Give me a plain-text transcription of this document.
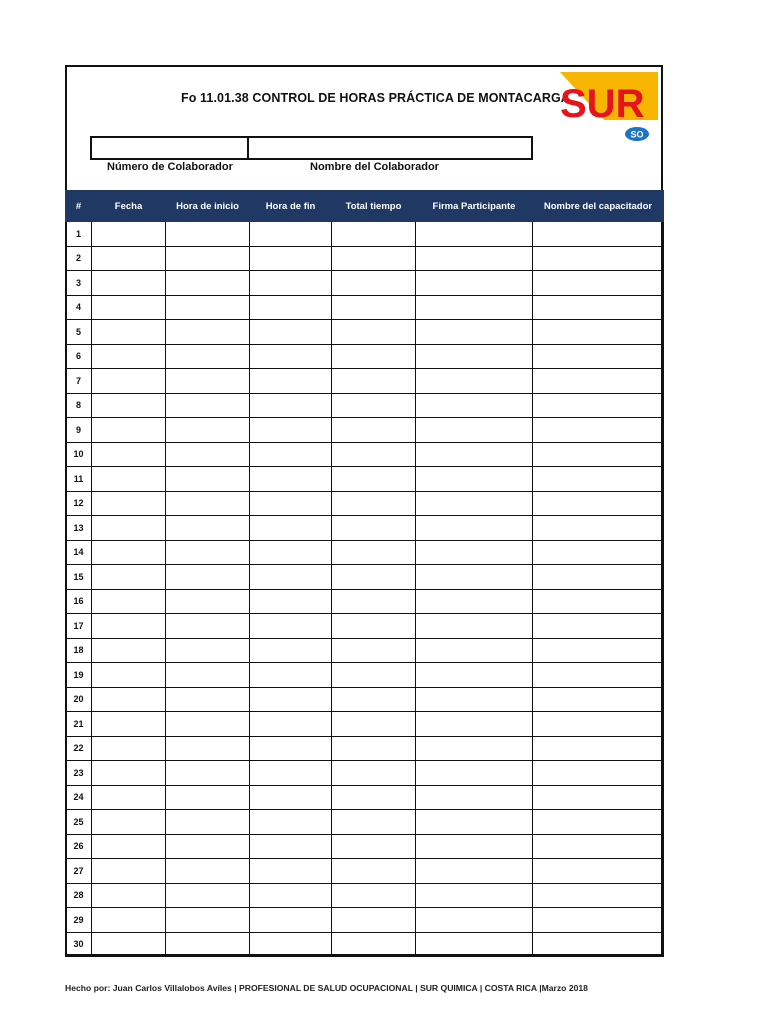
Fo 11.01.38 CONTROL DE HORAS PRÁCTICA DE MONTACARGA
SUR
SO
Número de Colaborador	Nombre del Colaborador
#	Fecha	Hora de inicio	Hora de fin	Total tiempo	Firma Participante	Nombre del capacitador
1						
2						
3						
4						
5						
6						
7						
8						
9						
10						
11						
12						
13						
14						
15						
16						
17						
18						
19						
20						
21						
22						
23						
24						
25						
26						
27						
28						
29						
30						
Hecho por: Juan Carlos Villalobos Avíles | PROFESIONAL DE SALUD OCUPACIONAL | SUR QUIMICA | COSTA RICA |Marzo 2018
